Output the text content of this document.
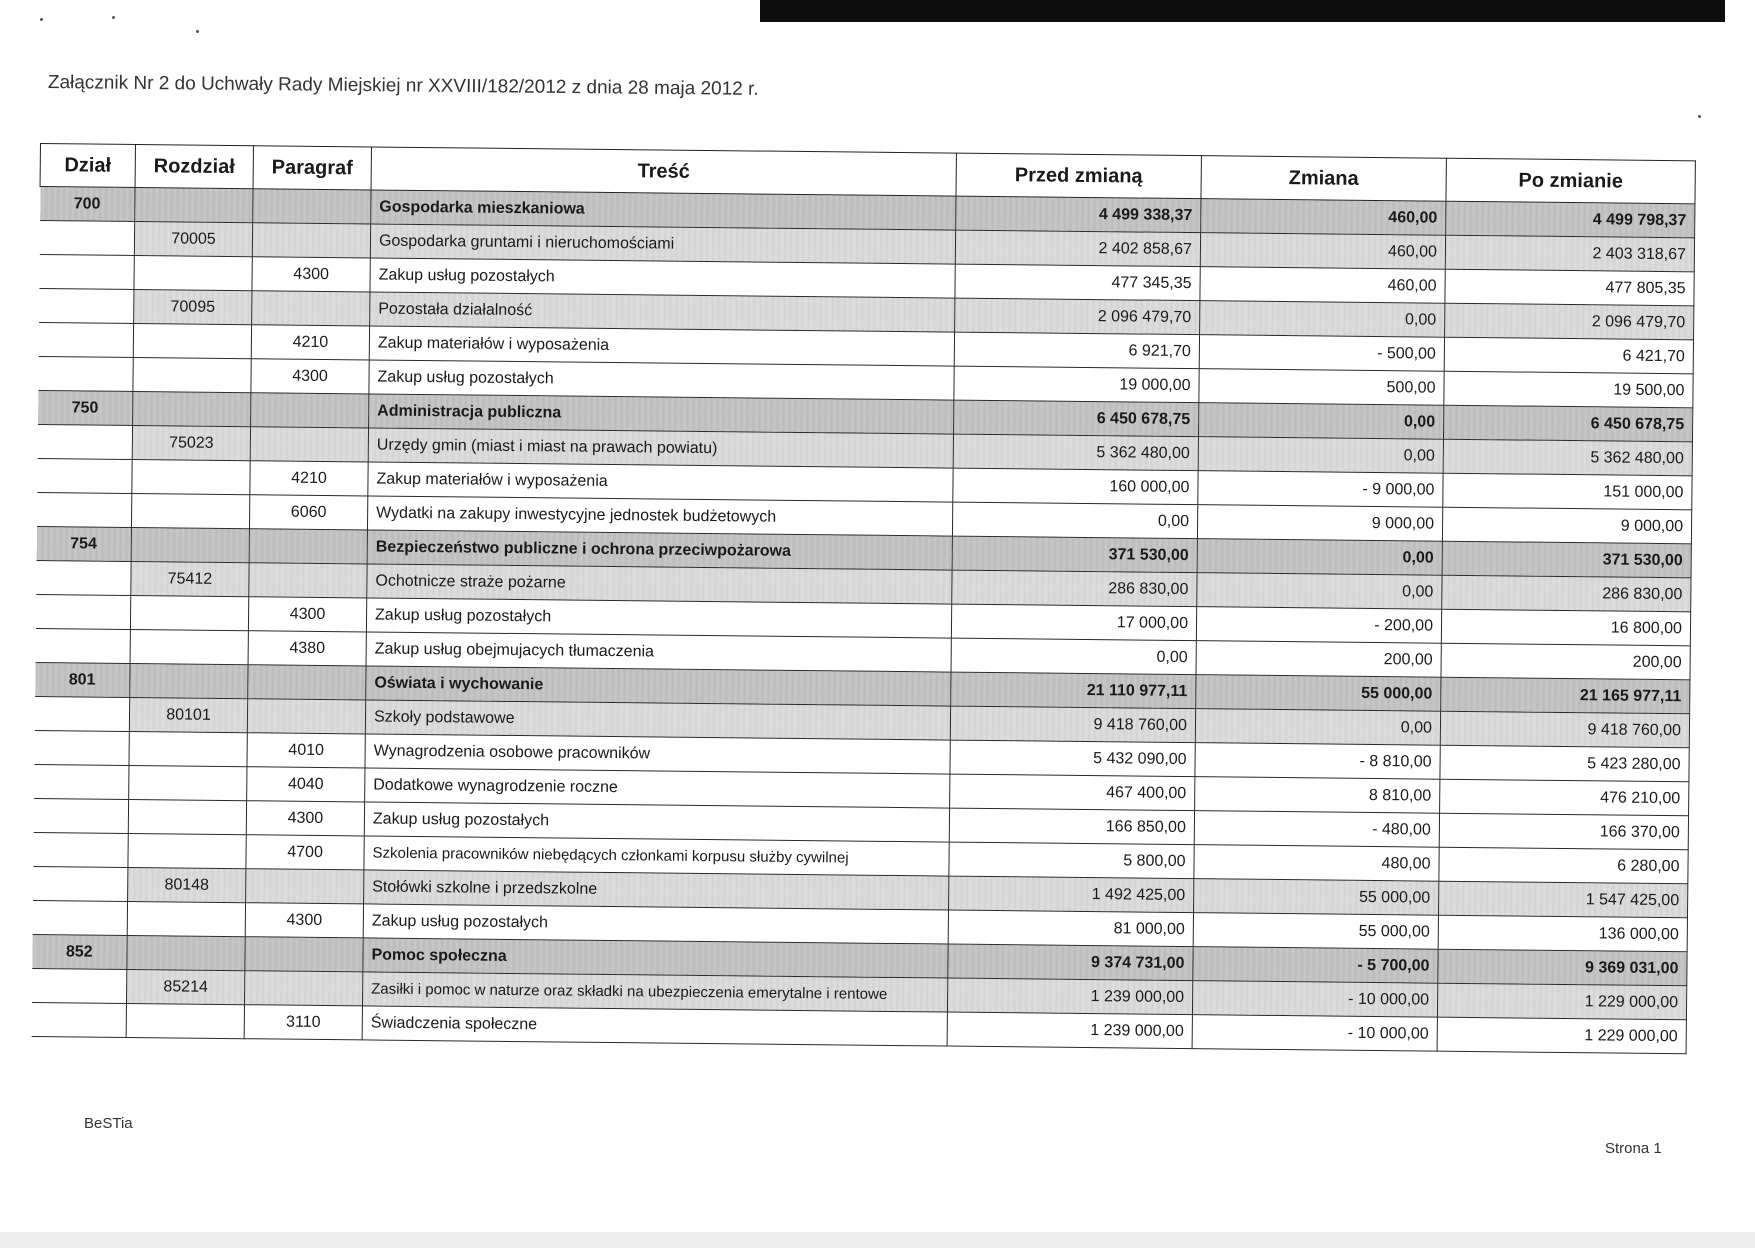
Załącznik Nr 2 do Uchwały Rady Miejskiej nr XXVIII/182/2012 z dnia 28 maja 2012 r.
Dział	Rozdział	Paragraf	Treść	Przed zmianą	Zmiana	Po zmianie
700			Gospodarka mieszkaniowa	4 499 338,37	460,00	4 499 798,37
	70005		Gospodarka gruntami i nieruchomościami	2 402 858,67	460,00	2 403 318,67
		4300	Zakup usług pozostałych	477 345,35	460,00	477 805,35
	70095		Pozostała działalność	2 096 479,70	0,00	2 096 479,70
		4210	Zakup materiałów i wyposażenia	6 921,70	- 500,00	6 421,70
		4300	Zakup usług pozostałych	19 000,00	500,00	19 500,00
750			Administracja publiczna	6 450 678,75	0,00	6 450 678,75
	75023		Urzędy gmin (miast i miast na prawach powiatu)	5 362 480,00	0,00	5 362 480,00
		4210	Zakup materiałów i wyposażenia	160 000,00	- 9 000,00	151 000,00
		6060	Wydatki na zakupy inwestycyjne jednostek budżetowych	0,00	9 000,00	9 000,00
754			Bezpieczeństwo publiczne i ochrona przeciwpożarowa	371 530,00	0,00	371 530,00
	75412		Ochotnicze straże pożarne	286 830,00	0,00	286 830,00
		4300	Zakup usług pozostałych	17 000,00	- 200,00	16 800,00
		4380	Zakup usług obejmujacych tłumaczenia	0,00	200,00	200,00
801			Oświata i wychowanie	21 110 977,11	55 000,00	21 165 977,11
	80101		Szkoły podstawowe	9 418 760,00	0,00	9 418 760,00
		4010	Wynagrodzenia osobowe pracowników	5 432 090,00	- 8 810,00	5 423 280,00
		4040	Dodatkowe wynagrodzenie roczne	467 400,00	8 810,00	476 210,00
		4300	Zakup usług pozostałych	166 850,00	- 480,00	166 370,00
		4700	Szkolenia pracowników niebędących członkami korpusu służby cywilnej	5 800,00	480,00	6 280,00
	80148		Stołówki szkolne i przedszkolne	1 492 425,00	55 000,00	1 547 425,00
		4300	Zakup usług pozostałych	81 000,00	55 000,00	136 000,00
852			Pomoc społeczna	9 374 731,00	- 5 700,00	9 369 031,00
	85214		Zasiłki i pomoc w naturze oraz składki na ubezpieczenia emerytalne i rentowe	1 239 000,00	- 10 000,00	1 229 000,00
		3110	Świadczenia społeczne	1 239 000,00	- 10 000,00	1 229 000,00
BeSTia
Strona 1
